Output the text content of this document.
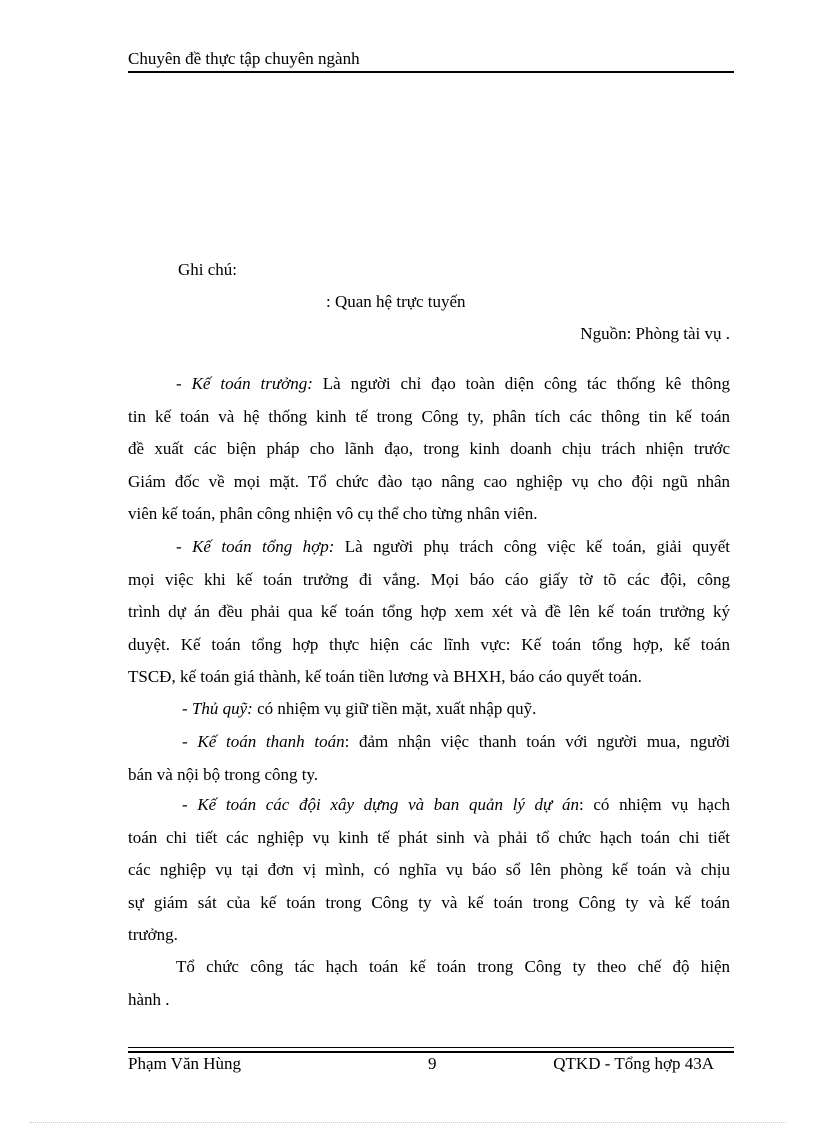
Chuyên đề thực tập chuyên ngành
Ghi chú:
: Quan hệ trực tuyến
Nguồn: Phòng tài vụ .
- Kế toán trưởng: Là người chỉ đạo toàn diện công tác thống kê thông
tin kế toán và hệ thống kinh tế trong Công ty, phân tích các thông tin kế toán
đề xuất các biện pháp cho lãnh đạo, trong kinh doanh chịu trách nhiện trước
Giám đốc về mọi mặt. Tổ chức đào tạo nâng cao nghiệp vụ cho đội ngũ nhân
viên kế toán, phân công nhiện vô cụ thể cho từng nhân viên.
- Kế toán tổng hợp: Là người phụ trách công việc kế toán, giải quyết
mọi việc khi kế toán trưởng đi vắng. Mọi báo cáo giấy tờ tõ các đội, công
trình dự án đều phải qua kế toán tổng hợp xem xét và đề lên kế toán trưởng ký
duyệt. Kế toán tổng hợp thực hiện các lĩnh vực: Kế toán tổng hợp, kế toán
TSCĐ, kế toán giá thành, kế toán tiền lương và BHXH, báo cáo quyết toán.
- Thủ quỹ: có nhiệm vụ giữ tiền mặt, xuất nhập quỹ.
- Kế toán thanh toán: đảm nhận việc thanh toán với người mua, người
bán và nội bộ trong công ty.
- Kế toán các đội xây dựng và ban quản lý dự án: có nhiệm vụ hạch
toán chi tiết các nghiệp vụ kinh tế phát sinh và phải tổ chức hạch toán chi tiết
các nghiệp vụ tại đơn vị mình, có nghĩa vụ báo sổ lên phòng kế toán và chịu
sự giám sát của kế toán trong Công ty và kế toán trong Công ty và kế toán
trưởng.
Tổ chức công tác hạch toán kế toán trong Công ty theo chế độ hiện
hành .
Phạm Văn Hùng	9	QTKD - Tổng hợp 43A
